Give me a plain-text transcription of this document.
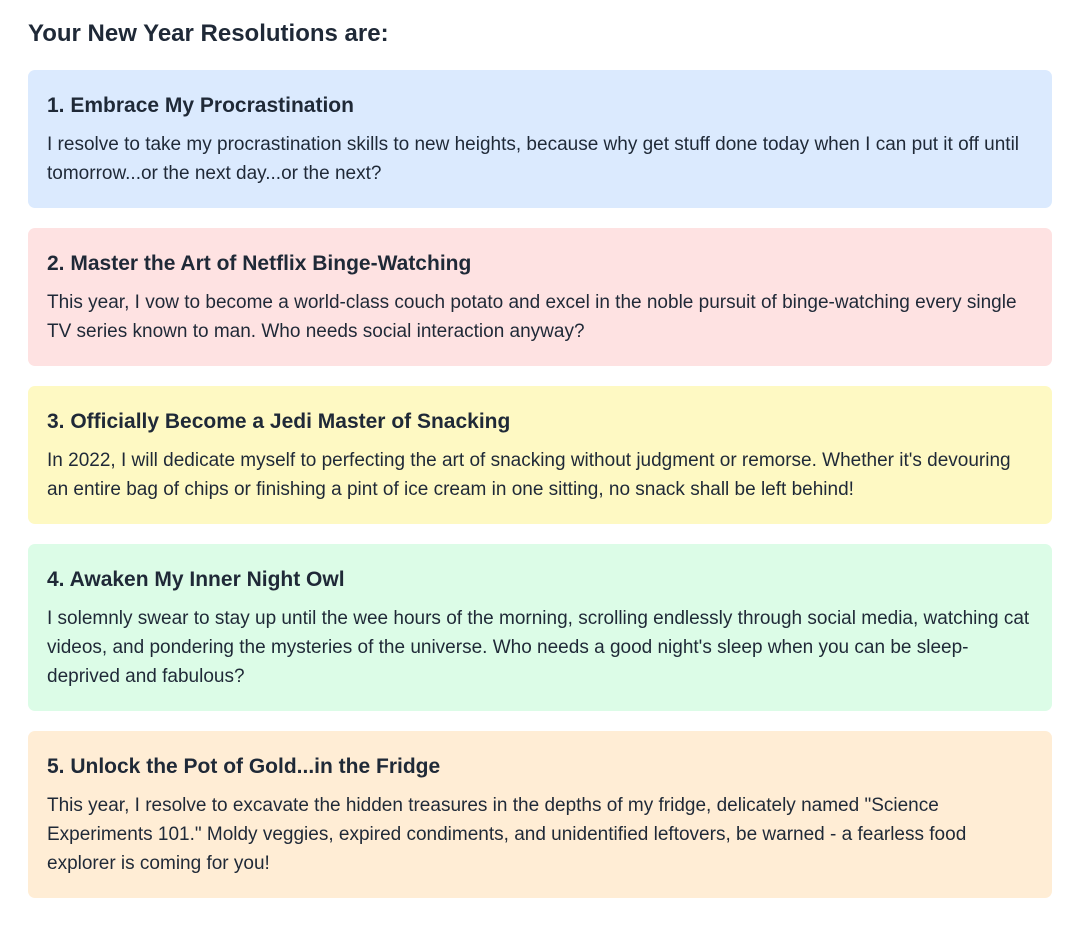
Your New Year Resolutions are:
1. Embrace My Procrastination

I resolve to take my procrastination skills to new heights, because why get stuff done today when I can put it off until tomorrow...or the next day...or the next?

2. Master the Art of Netflix Binge-Watching

This year, I vow to become a world-class couch potato and excel in the noble pursuit of binge-watching every single TV series known to man. Who needs social interaction anyway?

3. Officially Become a Jedi Master of Snacking

In 2022, I will dedicate myself to perfecting the art of snacking without judgment or remorse. Whether it's devouring an entire bag of chips or finishing a pint of ice cream in one sitting, no snack shall be left behind!

4. Awaken My Inner Night Owl

I solemnly swear to stay up until the wee hours of the morning, scrolling endlessly through social media, watching cat videos, and pondering the mysteries of the universe. Who needs a good night's sleep when you can be sleep-deprived and fabulous?

5. Unlock the Pot of Gold...in the Fridge

This year, I resolve to excavate the hidden treasures in the depths of my fridge, delicately named "Science Experiments 101." Moldy veggies, expired condiments, and unidentified leftovers, be warned - a fearless food explorer is coming for you!
